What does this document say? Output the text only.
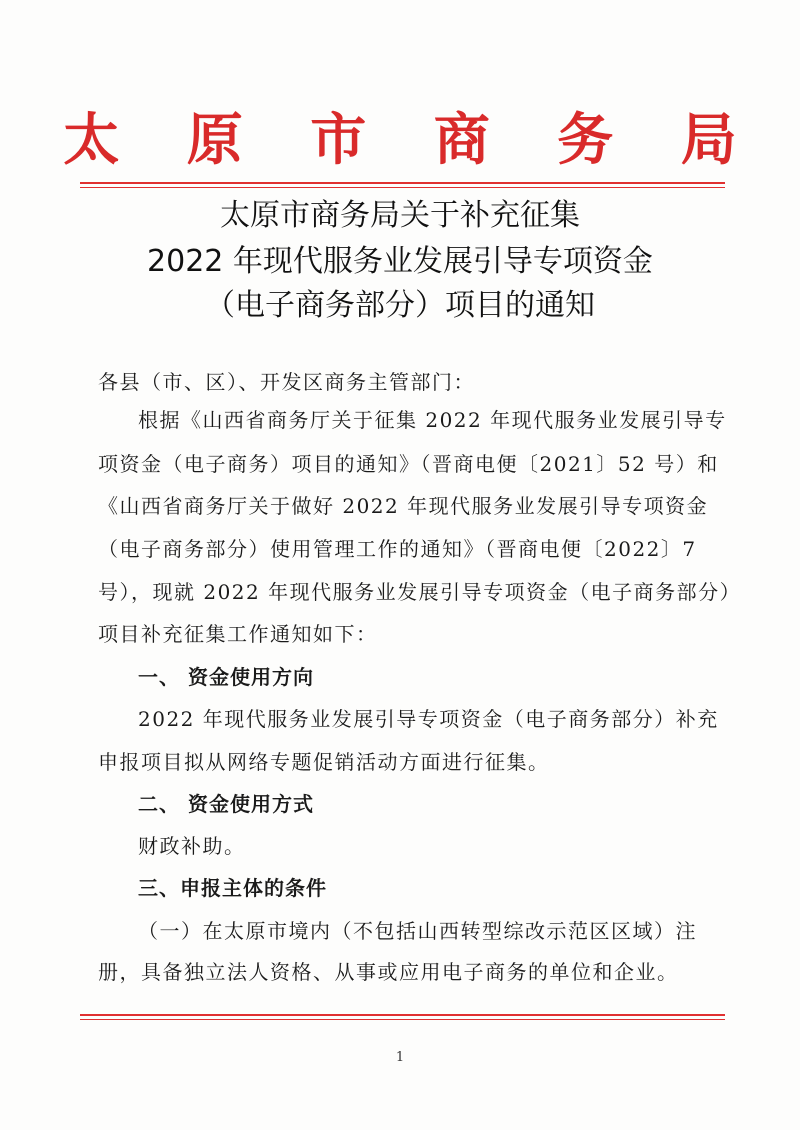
太 原 市 商 务 局
太原市商务局关于补充征集
2022 年现代服务业发展引导专项资金
（电子商务部分）项目的通知
各县（市、区）、开发区商务主管部门：
根据《山西省商务厅关于征集 2022 年现代服务业发展引导专
项资金（电子商务）项目的通知》（晋商电便〔2021〕52 号）和
《山西省商务厅关于做好 2022 年现代服务业发展引导专项资金
（电子商务部分）使用管理工作的通知》（晋商电便〔2022〕7
号），现就 2022 年现代服务业发展引导专项资金（电子商务部分）
项目补充征集工作通知如下：
一、 资金使用方向
2022 年现代服务业发展引导专项资金（电子商务部分）补充
申报项目拟从网络专题促销活动方面进行征集。
二、 资金使用方式
财政补助。
三、申报主体的条件
（一）在太原市境内（不包括山西转型综改示范区区域）注
册，具备独立法人资格、从事或应用电子商务的单位和企业。
1
